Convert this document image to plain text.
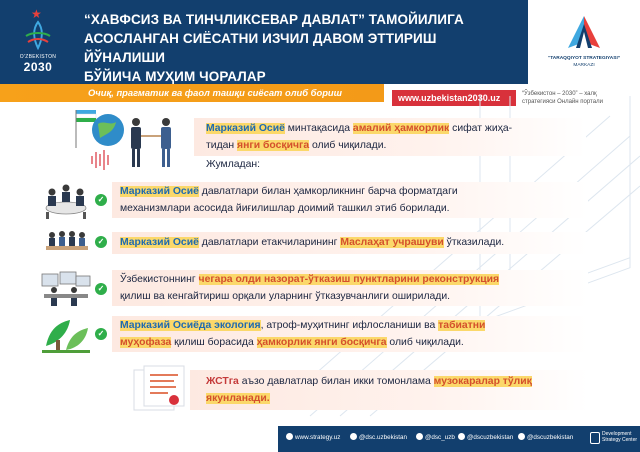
★
O'ZBEKISTON
2030
“ХАВФСИЗ ВА ТИНЧЛИКСЕВАР ДАВЛАТ” ТАМОЙИЛИГА
АСОСЛАНГАН СИЁСАТНИ ИЗЧИЛ ДАВОМ ЭТТИРИШ ЙЎНАЛИШИ
БЎЙИЧА МУҲИМ ЧОРАЛАР
“TARAQQIYOT STRATEGIYASI”
MARKAZI
Очиқ, прагматик ва фаол ташқи сиёсат олиб бориш	www.uzbekistan2030.uz	“Ўзбекистон – 2030” – халқ
стратегияси Онлайн портали
Марказий Осиё минтақасида амалий ҳамкорлик сифат жиҳа-
тидан янги босқичга олиб чиқилади.
Жумладан:
✓
Марказий Осиё давлатлари билан ҳамкорликнинг барча форматдаги
механизмлари асосида йиғилишлар доимий ташкил этиб борилади.
✓ Марказий Осиё давлатлари етакчиларининг Маслаҳат учрашуви ўтказилади.
✓
Ўзбекистоннинг чегара олди назорат-ўтказиш пунктларини реконструкция
қилиш ва кенгайтириш орқали уларнинг ўтказувчанлиги оширилади.
✓
Марказий Осиёда экология, атроф-муҳитнинг ифлосланиши ва табиатни
муҳофаза қилиш борасида ҳамкорлик янги босқичга олиб чиқилади.
ЖСТга аъзо давлатлар билан икки томонлама музокаралар тўлиқ
якунланади.
www.strategy.uz	@dsc.uzbekistan	@dsc_uzb	@dscuzbekistan	@dscuzbekistan	Development
Strategy Center
